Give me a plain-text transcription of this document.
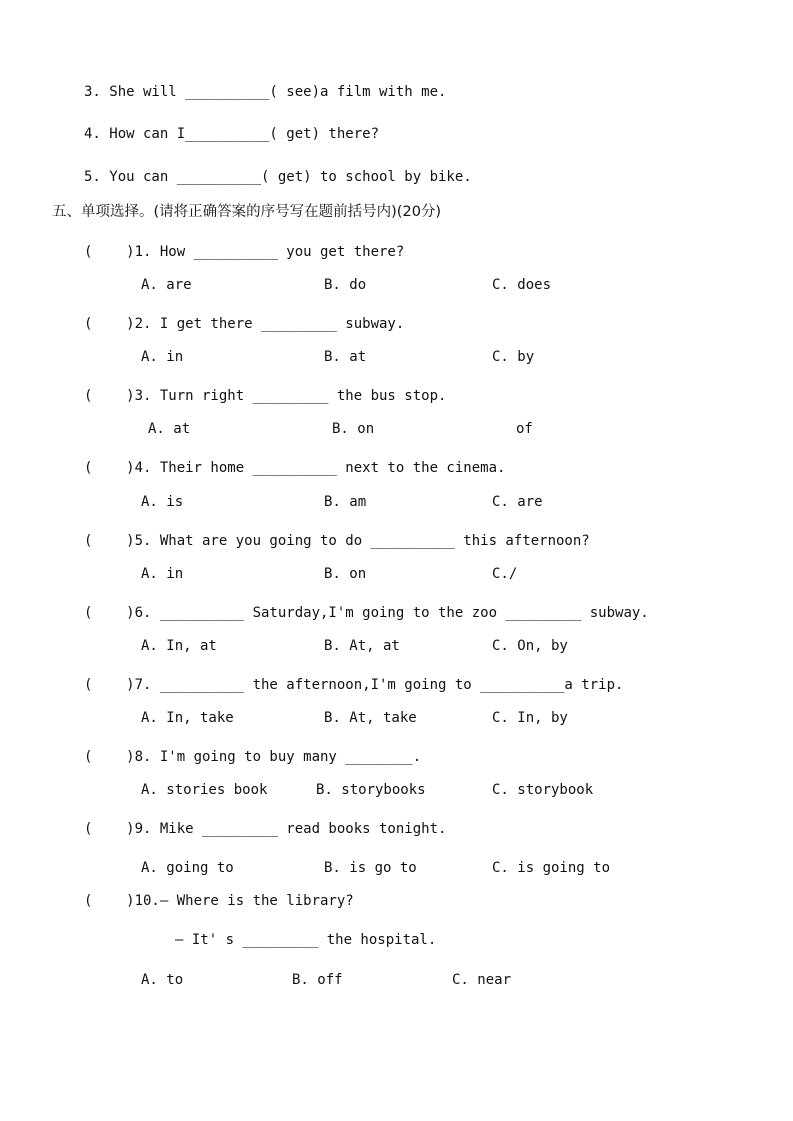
3. She will __________( see)a film with me.
4. How can I__________( get) there?
5. You can __________( get) to school by bike.
五、单项选择。(请将正确答案的序号写在题前括号内)(20分)
(    )1. How __________ you get there?
A. are	B. do	C. does
(    )2. I get there _________ subway.
A. in	B. at	C. by
(    )3. Turn right _________ the bus stop.
A. at	B. on	of
(    )4. Their home __________ next to the cinema.
A. is	B. am	C. are
(    )5. What are you going to do __________ this afternoon?
A. in	B. on	C./
(    )6. __________ Saturday,I'm going to the zoo _________ subway.
A. In, at	B. At, at	C. On, by
(    )7. __________ the afternoon,I'm going to __________a trip.
A. In, take	B. At, take	C. In, by
(    )8. I'm going to buy many ________.
A. stories book	B. storybooks	C. storybook
(    )9. Mike _________ read books tonight.
A. going to	B. is go to	C. is going to
(    )10.— Where is the library?
— It' s _________ the hospital.
A. to	B. off	C. near
